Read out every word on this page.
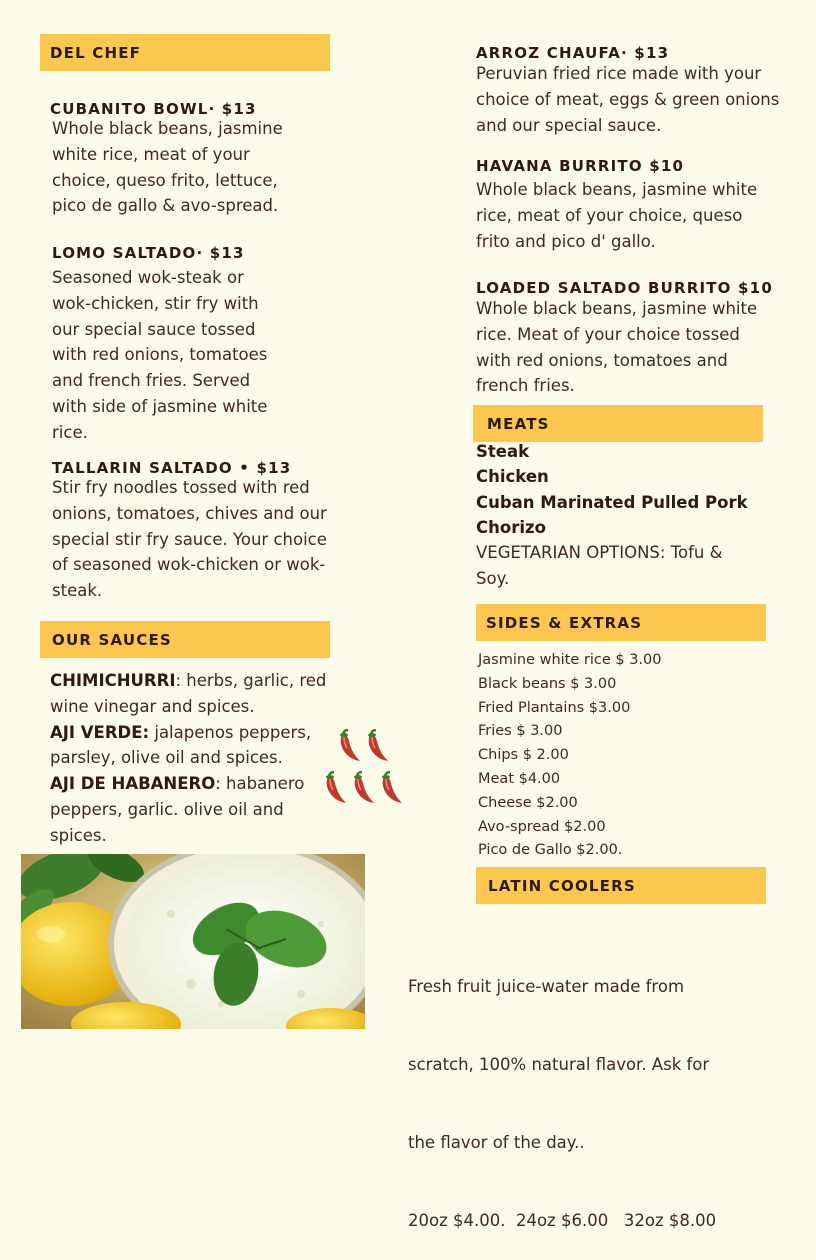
DEL CHEF
CUBANITO BOWL· $13
Whole black beans, jasmine
white rice, meat of your
choice, queso frito, lettuce,
pico de gallo & avo-spread.
LOMO SALTADO· $13
Seasoned wok-steak or
wok-chicken, stir fry with
our special sauce tossed
with red onions, tomatoes
and french fries. Served
with side of jasmine white
rice.
TALLARIN SALTADO • $13
Stir fry noodles tossed with red
onions, tomatoes, chives and our
special stir fry sauce. Your choice
of seasoned wok-chicken or wok-
steak.
OUR SAUCES
CHIMICHURRI: herbs, garlic, red
wine vinegar and spices.
AJI VERDE: jalapenos peppers,
parsley, olive oil and spices.
AJI DE HABANERO: habanero
peppers, garlic. olive oil and
spices.
ARROZ CHAUFA· $13
Peruvian fried rice made with your
choice of meat, eggs & green onions
and our special sauce.
HAVANA BURRITO $10
Whole black beans, jasmine white
rice, meat of your choice, queso
frito and pico d' gallo.
LOADED SALTADO BURRITO $10
Whole black beans, jasmine white
rice. Meat of your choice tossed
with red onions, tomatoes and
french fries.
MEATS
Steak
Chicken
Cuban Marinated Pulled Pork
Chorizo
VEGETARIAN OPTIONS: Tofu &
Soy.
SIDES & EXTRAS
Jasmine white rice $ 3.00
Black beans $ 3.00
Fried Plantains $3.00
Fries $ 3.00
Chips $ 2.00
Meat $4.00
Cheese $2.00
Avo-spread $2.00
Pico de Gallo $2.00.
LATIN COOLERS

Fresh fruit juice-water made from

scratch, 100% natural flavor. Ask for

the flavor of the day..

20oz $4.00.  24oz $6.00   32oz $8.00
